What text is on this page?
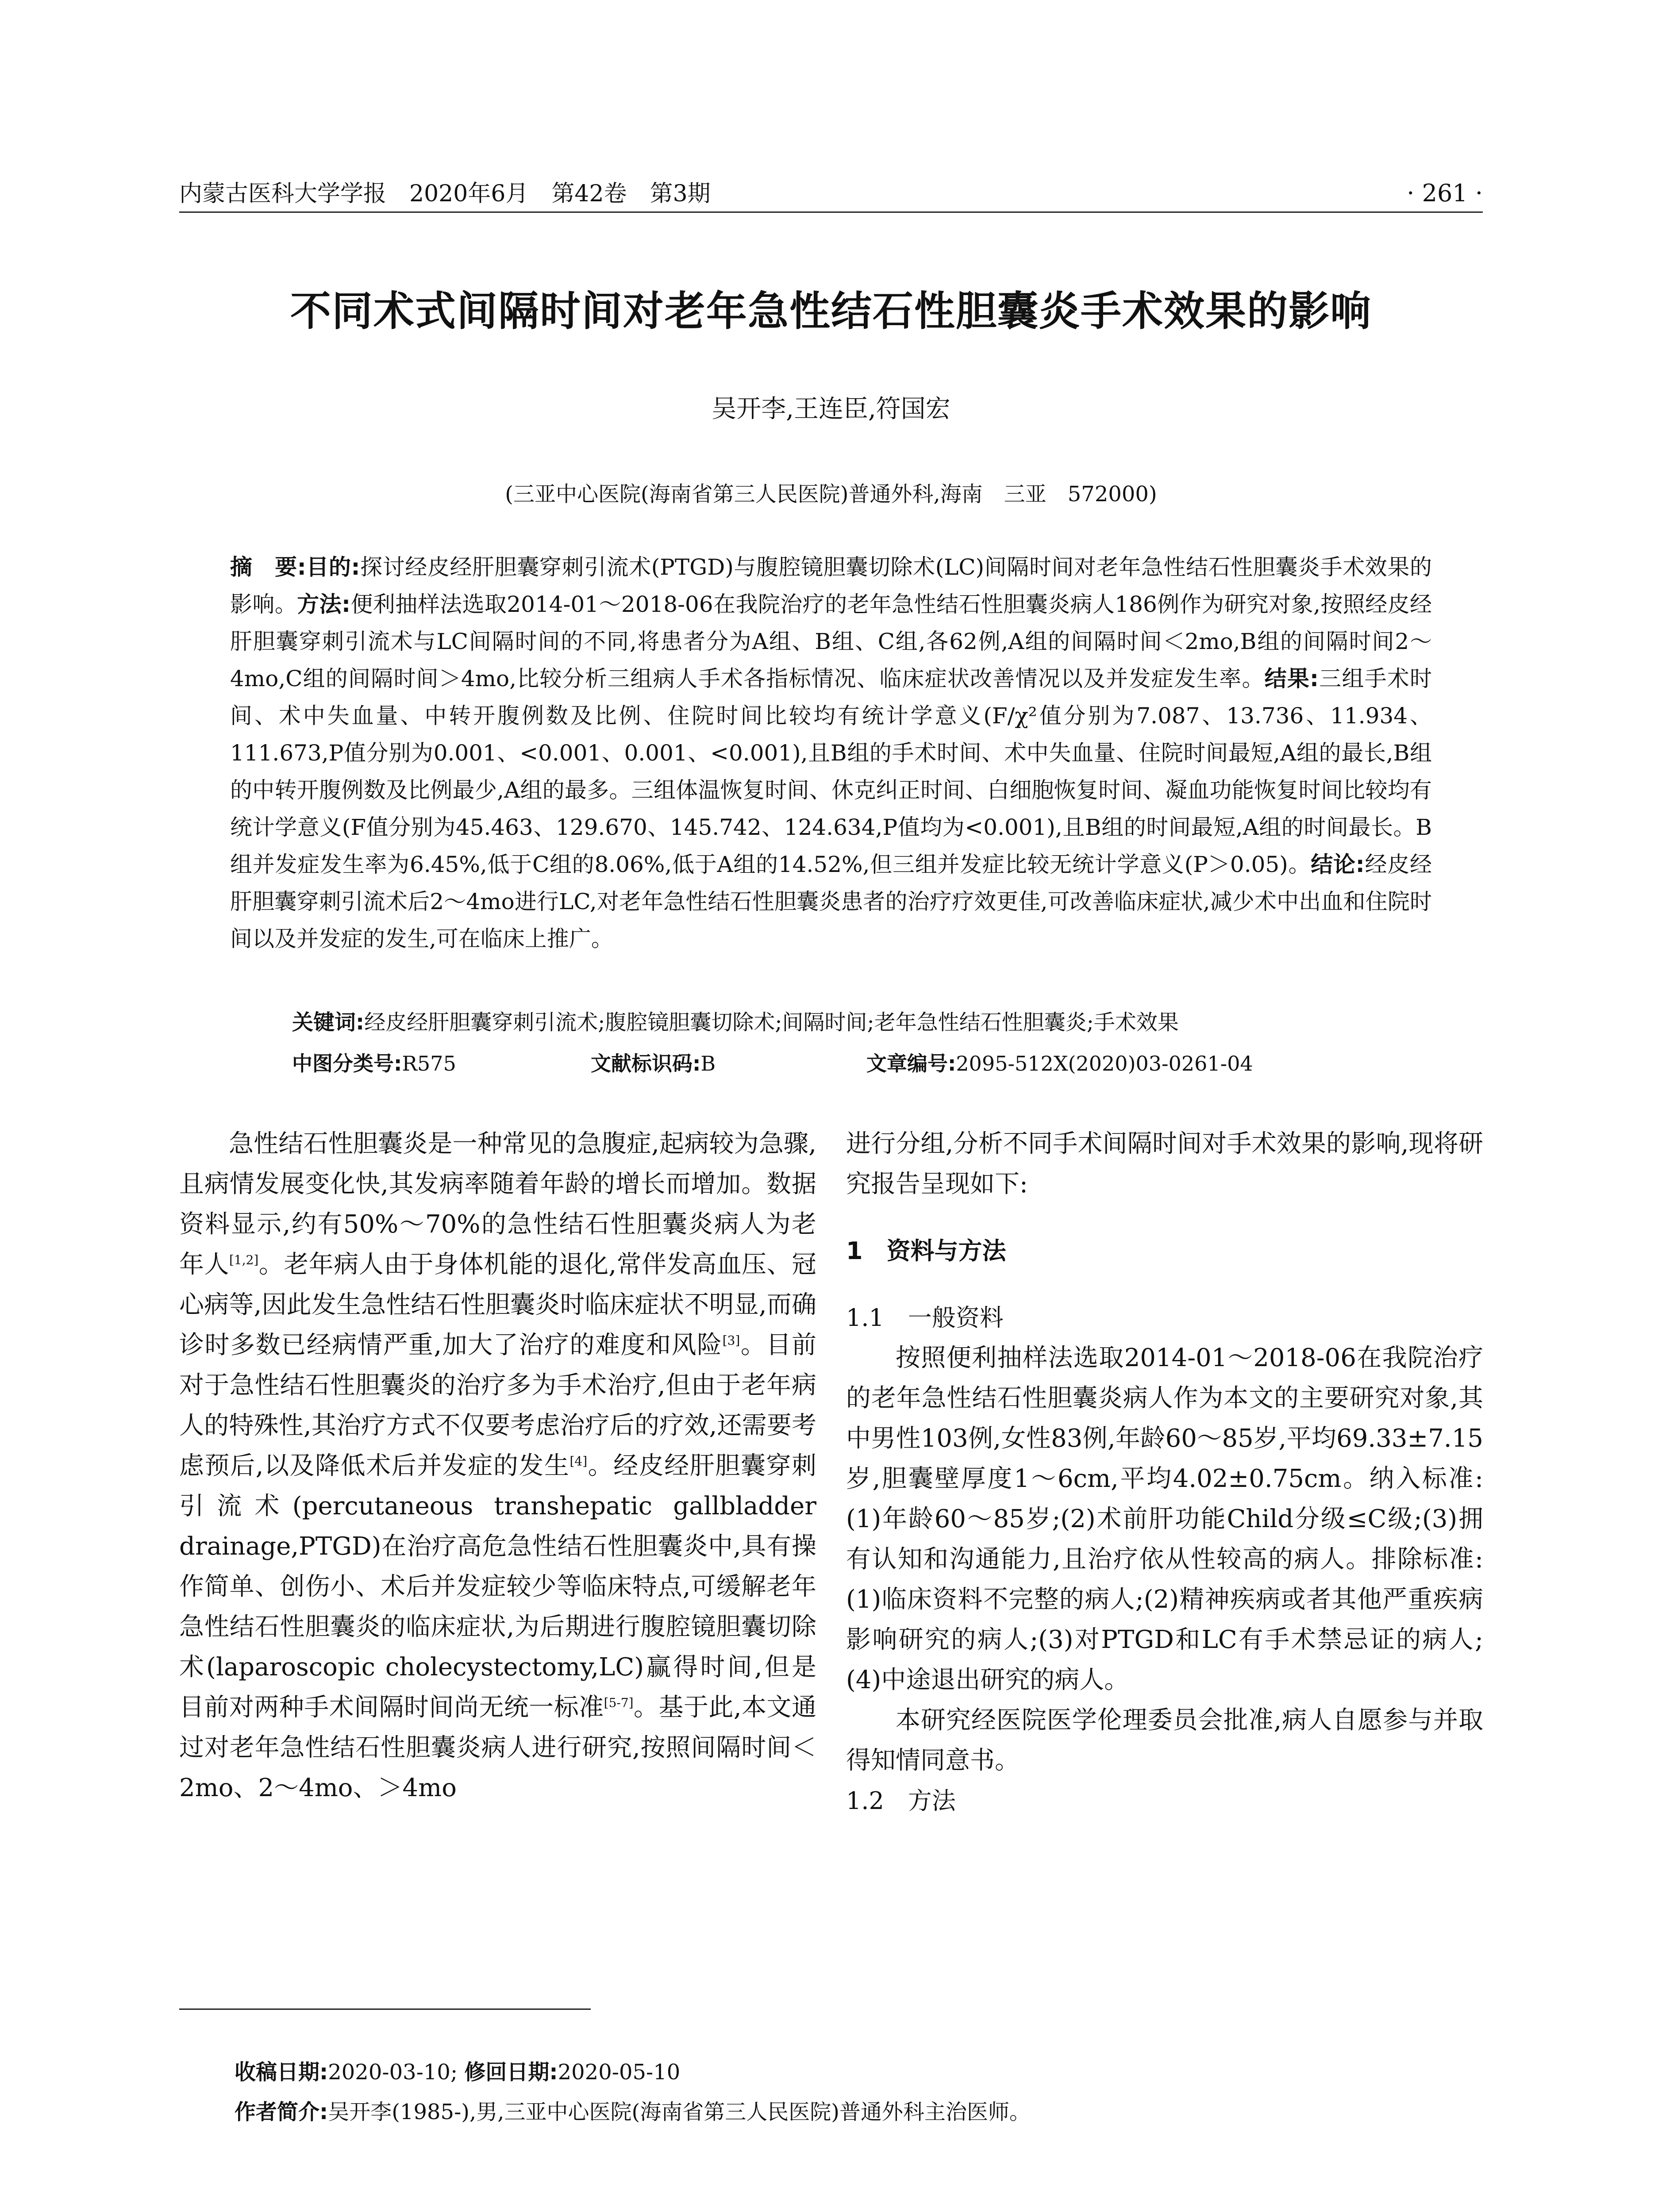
内蒙古医科大学学报　2020年6月　第42卷　第3期	· 261 ·
不同术式间隔时间对老年急性结石性胆囊炎手术效果的影响
吴开李,王连臣,符国宏
(三亚中心医院(海南省第三人民医院)普通外科,海南　三亚　572000)
摘　要:目的:探讨经皮经肝胆囊穿刺引流术(PTGD)与腹腔镜胆囊切除术(LC)间隔时间对老年急性结石性胆囊炎手术效果的影响。方法:便利抽样法选取2014-01～2018-06在我院治疗的老年急性结石性胆囊炎病人186例作为研究对象,按照经皮经肝胆囊穿刺引流术与LC间隔时间的不同,将患者分为A组、B组、C组,各62例,A组的间隔时间＜2mo,B组的间隔时间2～4mo,C组的间隔时间＞4mo,比较分析三组病人手术各指标情况、临床症状改善情况以及并发症发生率。结果:三组手术时间、术中失血量、中转开腹例数及比例、住院时间比较均有统计学意义(F/χ²值分别为7.087、13.736、11.934、111.673,P值分别为0.001、<0.001、0.001、<0.001),且B组的手术时间、术中失血量、住院时间最短,A组的最长,B组的中转开腹例数及比例最少,A组的最多。三组体温恢复时间、休克纠正时间、白细胞恢复时间、凝血功能恢复时间比较均有统计学意义(F值分别为45.463、129.670、145.742、124.634,P值均为<0.001),且B组的时间最短,A组的时间最长。B组并发症发生率为6.45%,低于C组的8.06%,低于A组的14.52%,但三组并发症比较无统计学意义(P＞0.05)。结论:经皮经肝胆囊穿刺引流术后2～4mo进行LC,对老年急性结石性胆囊炎患者的治疗疗效更佳,可改善临床症状,减少术中出血和住院时间以及并发症的发生,可在临床上推广。
关键词:经皮经肝胆囊穿刺引流术;腹腔镜胆囊切除术;间隔时间;老年急性结石性胆囊炎;手术效果
中图分类号:R575	文献标识码:B	文章编号:2095-512X(2020)03-0261-04

急性结石性胆囊炎是一种常见的急腹症,起病较为急骤,且病情发展变化快,其发病率随着年龄的增长而增加。数据资料显示,约有50%～70%的急性结石性胆囊炎病人为老年人[1,2]。老年病人由于身体机能的退化,常伴发高血压、冠心病等,因此发生急性结石性胆囊炎时临床症状不明显,而确诊时多数已经病情严重,加大了治疗的难度和风险[3]。目前对于急性结石性胆囊炎的治疗多为手术治疗,但由于老年病人的特殊性,其治疗方式不仅要考虑治疗后的疗效,还需要考虑预后,以及降低术后并发症的发生[4]。经皮经肝胆囊穿刺引流术(percutaneous transhepatic gallbladder drainage,PTGD)在治疗高危急性结石性胆囊炎中,具有操作简单、创伤小、术后并发症较少等临床特点,可缓解老年急性结石性胆囊炎的临床症状,为后期进行腹腔镜胆囊切除术(laparoscopic cholecystectomy,LC)赢得时间,但是目前对两种手术间隔时间尚无统一标准[5-7]。基于此,本文通过对老年急性结石性胆囊炎病人进行研究,按照间隔时间＜2mo、2～4mo、＞4mo

进行分组,分析不同手术间隔时间对手术效果的影响,现将研究报告呈现如下:

1　资料与方法
1.1　一般资料

按照便利抽样法选取2014-01～2018-06在我院治疗的老年急性结石性胆囊炎病人作为本文的主要研究对象,其中男性103例,女性83例,年龄60～85岁,平均69.33±7.15岁,胆囊壁厚度1～6cm,平均4.02±0.75cm。纳入标准:(1)年龄60～85岁;(2)术前肝功能Child分级≤C级;(3)拥有认知和沟通能力,且治疗依从性较高的病人。排除标准:(1)临床资料不完整的病人;(2)精神疾病或者其他严重疾病影响研究的病人;(3)对PTGD和LC有手术禁忌证的病人;(4)中途退出研究的病人。

本研究经医院医学伦理委员会批准,病人自愿参与并取得知情同意书。

1.2　方法
收稿日期:2020-03-10; 修回日期:2020-05-10
作者简介:吴开李(1985-),男,三亚中心医院(海南省第三人民医院)普通外科主治医师。
